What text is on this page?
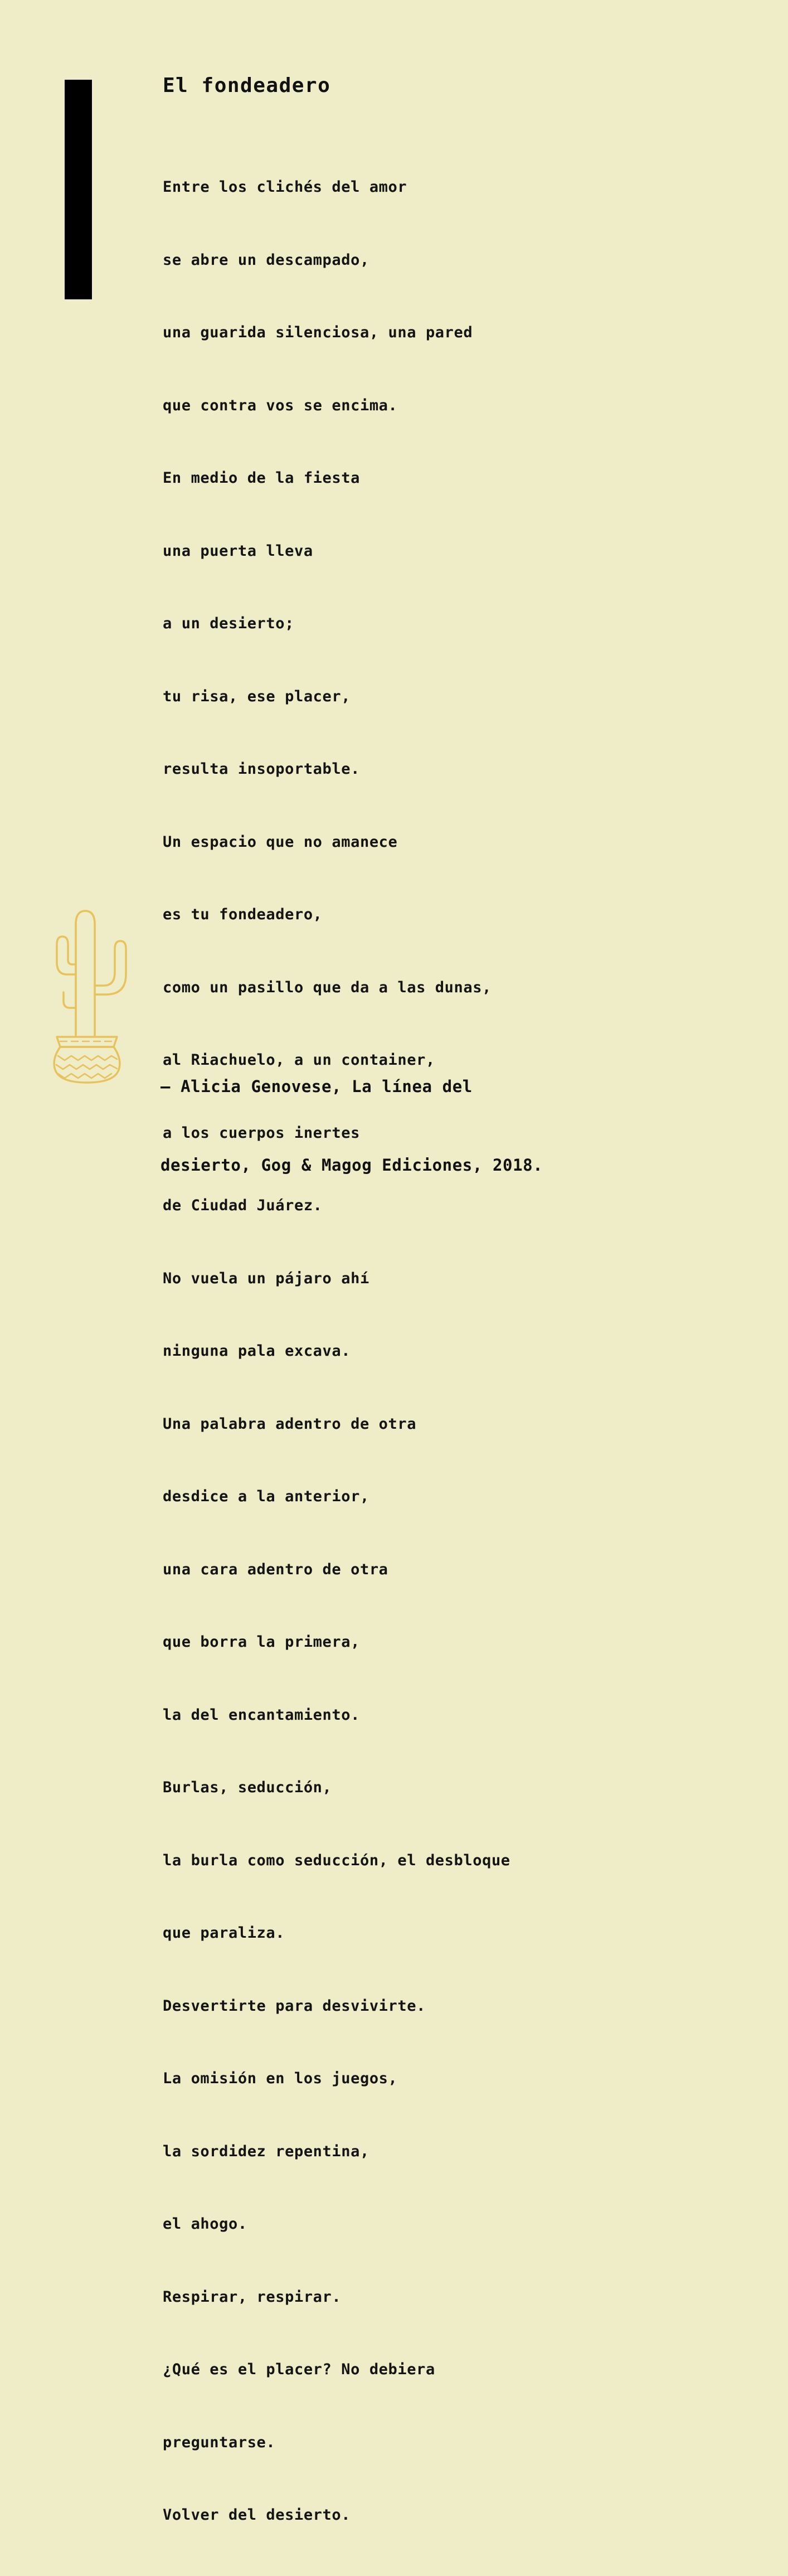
El fondeadero

Entre los clichés del amor

se abre un descampado,

una guarida silenciosa, una pared

que contra vos se encima.

En medio de la fiesta

una puerta lleva

a un desierto;

tu risa, ese placer,

resulta insoportable.

Un espacio que no amanece

es tu fondeadero,

como un pasillo que da a las dunas,

al Riachuelo, a un container,

a los cuerpos inertes

de Ciudad Juárez.

No vuela un pájaro ahí

ninguna pala excava.

Una palabra adentro de otra

desdice a la anterior,

una cara adentro de otra

que borra la primera,

la del encantamiento.

Burlas, seducción,

la burla como seducción, el desbloque

que paraliza.

Desvertirte para desvivirte.

La omisión en los juegos,

la sordidez repentina,

el ahogo.

Respirar, respirar.

¿Qué es el placer? No debiera

preguntarse.

Volver del desierto.

— Alicia Genovese, La línea del

desierto, Gog & Magog Ediciones, 2018.
